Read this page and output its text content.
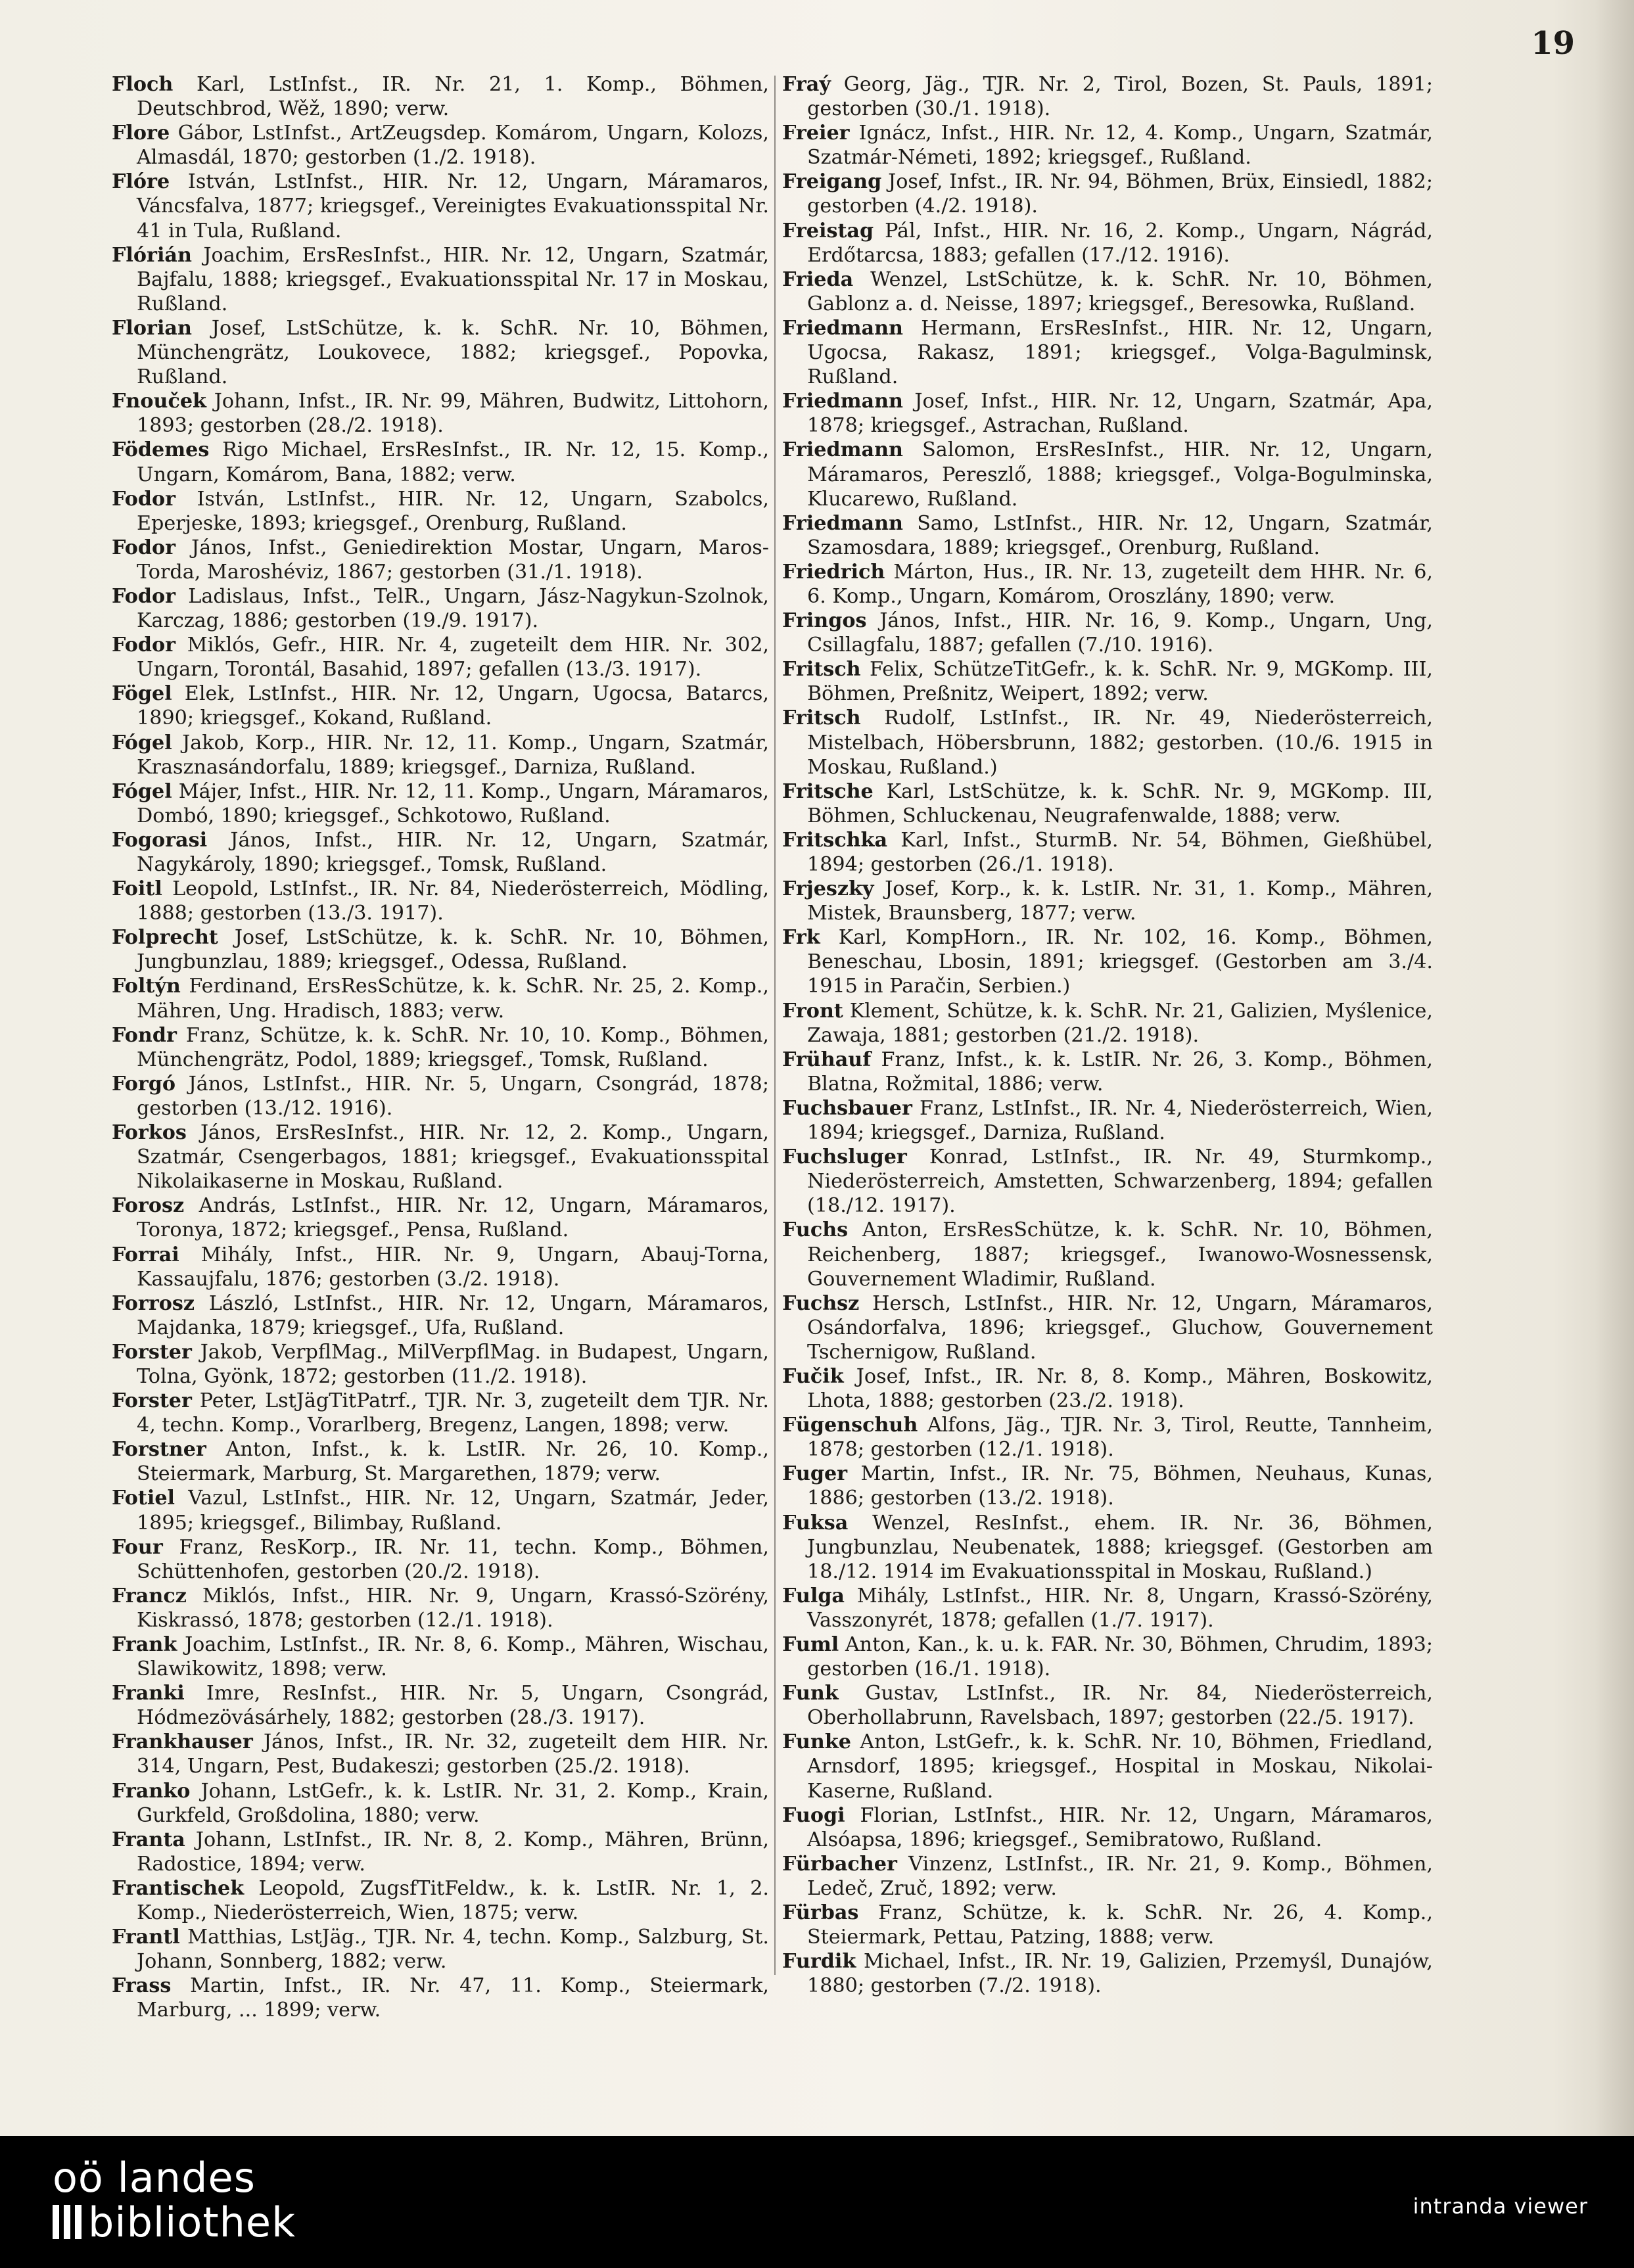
19

Floch Karl, LstInfst., IR. Nr. 21, 1. Komp., Böhmen, Deutschbrod, Wěž, 1890; verw.

Flore Gábor, LstInfst., ArtZeugsdep. Komárom, Ungarn, Kolozs, Almasdál, 1870; gestorben (1./2. 1918).

Flóre István, LstInfst., HIR. Nr. 12, Ungarn, Máramaros, Váncsfalva, 1877; kriegsgef., Vereinigtes Evakuationsspital Nr. 41 in Tula, Rußland.

Flórián Joachim, ErsResInfst., HIR. Nr. 12, Ungarn, Szatmár, Bajfalu, 1888; kriegsgef., Evakuationsspital Nr. 17 in Moskau, Rußland.

Florian Josef, LstSchütze, k. k. SchR. Nr. 10, Böhmen, Münchengrätz, Loukovece, 1882; kriegsgef., Popovka, Rußland.

Fnouček Johann, Infst., IR. Nr. 99, Mähren, Budwitz, Littohorn, 1893; gestorben (28./2. 1918).

Födemes Rigo Michael, ErsResInfst., IR. Nr. 12, 15. Komp., Ungarn, Komárom, Bana, 1882; verw.

Fodor István, LstInfst., HIR. Nr. 12, Ungarn, Szabolcs, Eperjeske, 1893; kriegsgef., Orenburg, Rußland.

Fodor János, Infst., Geniedirektion Mostar, Ungarn, Maros-Torda, Maroshéviz, 1867; gestorben (31./1. 1918).

Fodor Ladislaus, Infst., TelR., Ungarn, Jász-Nagykun-Szolnok, Karczag, 1886; gestorben (19./9. 1917).

Fodor Miklós, Gefr., HIR. Nr. 4, zugeteilt dem HIR. Nr. 302, Ungarn, Torontál, Basahid, 1897; gefallen (13./3. 1917).

Fögel Elek, LstInfst., HIR. Nr. 12, Ungarn, Ugocsa, Batarcs, 1890; kriegsgef., Kokand, Rußland.

Fógel Jakob, Korp., HIR. Nr. 12, 11. Komp., Ungarn, Szatmár, Krasznasándorfalu, 1889; kriegsgef., Darniza, Rußland.

Fógel Májer, Infst., HIR. Nr. 12, 11. Komp., Ungarn, Máramaros, Dombó, 1890; kriegsgef., Schkotowo, Rußland.

Fogorasi János, Infst., HIR. Nr. 12, Ungarn, Szatmár, Nagykároly, 1890; kriegsgef., Tomsk, Rußland.

Foitl Leopold, LstInfst., IR. Nr. 84, Niederösterreich, Mödling, 1888; gestorben (13./3. 1917).

Folprecht Josef, LstSchütze, k. k. SchR. Nr. 10, Böhmen, Jungbunzlau, 1889; kriegsgef., Odessa, Rußland.

Foltýn Ferdinand, ErsResSchütze, k. k. SchR. Nr. 25, 2. Komp., Mähren, Ung. Hradisch, 1883; verw.

Fondr Franz, Schütze, k. k. SchR. Nr. 10, 10. Komp., Böhmen, Münchengrätz, Podol, 1889; kriegsgef., Tomsk, Rußland.

Forgó János, LstInfst., HIR. Nr. 5, Ungarn, Csongrád, 1878; gestorben (13./12. 1916).

Forkos János, ErsResInfst., HIR. Nr. 12, 2. Komp., Ungarn, Szatmár, Csengerbagos, 1881; kriegsgef., Evakuationsspital Nikolaikaserne in Moskau, Rußland.

Forosz András, LstInfst., HIR. Nr. 12, Ungarn, Máramaros, Toronya, 1872; kriegsgef., Pensa, Rußland.

Forrai Mihály, Infst., HIR. Nr. 9, Ungarn, Abauj-Torna, Kassaujfalu, 1876; gestorben (3./2. 1918).

Forrosz László, LstInfst., HIR. Nr. 12, Ungarn, Máramaros, Majdanka, 1879; kriegsgef., Ufa, Rußland.

Forster Jakob, VerpflMag., MilVerpflMag. in Budapest, Ungarn, Tolna, Gyönk, 1872; gestorben (11./2. 1918).

Forster Peter, LstJägTitPatrf., TJR. Nr. 3, zugeteilt dem TJR. Nr. 4, techn. Komp., Vorarlberg, Bregenz, Langen, 1898; verw.

Forstner Anton, Infst., k. k. LstIR. Nr. 26, 10. Komp., Steiermark, Marburg, St. Margarethen, 1879; verw.

Fotiel Vazul, LstInfst., HIR. Nr. 12, Ungarn, Szatmár, Jeder, 1895; kriegsgef., Bilimbay, Rußland.

Four Franz, ResKorp., IR. Nr. 11, techn. Komp., Böhmen, Schüttenhofen, gestorben (20./2. 1918).

Francz Miklós, Infst., HIR. Nr. 9, Ungarn, Krassó-Szörény, Kiskrassó, 1878; gestorben (12./1. 1918).

Frank Joachim, LstInfst., IR. Nr. 8, 6. Komp., Mähren, Wischau, Slawikowitz, 1898; verw.

Franki Imre, ResInfst., HIR. Nr. 5, Ungarn, Csongrád, Hódmezövásárhely, 1882; gestorben (28./3. 1917).

Frankhauser János, Infst., IR. Nr. 32, zugeteilt dem HIR. Nr. 314, Ungarn, Pest, Budakeszi; gestorben (25./2. 1918).

Franko Johann, LstGefr., k. k. LstIR. Nr. 31, 2. Komp., Krain, Gurkfeld, Großdolina, 1880; verw.

Franta Johann, LstInfst., IR. Nr. 8, 2. Komp., Mähren, Brünn, Radostice, 1894; verw.

Frantischek Leopold, ZugsfTitFeldw., k. k. LstIR. Nr. 1, 2. Komp., Niederösterreich, Wien, 1875; verw.

Frantl Matthias, LstJäg., TJR. Nr. 4, techn. Komp., Salzburg, St. Johann, Sonnberg, 1882; verw.

Frass Martin, Infst., IR. Nr. 47, 11. Komp., Steiermark, Marburg, ... 1899; verw.

Fraý Georg, Jäg., TJR. Nr. 2, Tirol, Bozen, St. Pauls, 1891; gestorben (30./1. 1918).

Freier Ignácz, Infst., HIR. Nr. 12, 4. Komp., Ungarn, Szatmár, Szatmár-Németi, 1892; kriegsgef., Rußland.

Freigang Josef, Infst., IR. Nr. 94, Böhmen, Brüx, Einsiedl, 1882; gestorben (4./2. 1918).

Freistag Pál, Infst., HIR. Nr. 16, 2. Komp., Ungarn, Nágrád, Erdőtarcsa, 1883; gefallen (17./12. 1916).

Frieda Wenzel, LstSchütze, k. k. SchR. Nr. 10, Böhmen, Gablonz a. d. Neisse, 1897; kriegsgef., Beresowka, Rußland.

Friedmann Hermann, ErsResInfst., HIR. Nr. 12, Ungarn, Ugocsa, Rakasz, 1891; kriegsgef., Volga-Bagulminsk, Rußland.

Friedmann Josef, Infst., HIR. Nr. 12, Ungarn, Szatmár, Apa, 1878; kriegsgef., Astrachan, Rußland.

Friedmann Salomon, ErsResInfst., HIR. Nr. 12, Ungarn, Máramaros, Pereszlő, 1888; kriegsgef., Volga-Bogulminska, Klucarewo, Rußland.

Friedmann Samo, LstInfst., HIR. Nr. 12, Ungarn, Szatmár, Szamosdara, 1889; kriegsgef., Orenburg, Rußland.

Friedrich Márton, Hus., IR. Nr. 13, zugeteilt dem HHR. Nr. 6, 6. Komp., Ungarn, Komárom, Oroszlány, 1890; verw.

Fringos János, Infst., HIR. Nr. 16, 9. Komp., Ungarn, Ung, Csillagfalu, 1887; gefallen (7./10. 1916).

Fritsch Felix, SchützeTitGefr., k. k. SchR. Nr. 9, MGKomp. III, Böhmen, Preßnitz, Weipert, 1892; verw.

Fritsch Rudolf, LstInfst., IR. Nr. 49, Niederösterreich, Mistelbach, Höbersbrunn, 1882; gestorben. (10./6. 1915 in Moskau, Rußland.)

Fritsche Karl, LstSchütze, k. k. SchR. Nr. 9, MGKomp. III, Böhmen, Schluckenau, Neugrafenwalde, 1888; verw.

Fritschka Karl, Infst., SturmB. Nr. 54, Böhmen, Gießhübel, 1894; gestorben (26./1. 1918).

Frjeszky Josef, Korp., k. k. LstIR. Nr. 31, 1. Komp., Mähren, Mistek, Braunsberg, 1877; verw.

Frk Karl, KompHorn., IR. Nr. 102, 16. Komp., Böhmen, Beneschau, Lbosin, 1891; kriegsgef. (Gestorben am 3./4. 1915 in Paračin, Serbien.)

Front Klement, Schütze, k. k. SchR. Nr. 21, Galizien, Myślenice, Zawaja, 1881; gestorben (21./2. 1918).

Frühauf Franz, Infst., k. k. LstIR. Nr. 26, 3. Komp., Böhmen, Blatna, Rožmital, 1886; verw.

Fuchsbauer Franz, LstInfst., IR. Nr. 4, Niederösterreich, Wien, 1894; kriegsgef., Darniza, Rußland.

Fuchsluger Konrad, LstInfst., IR. Nr. 49, Sturmkomp., Niederösterreich, Amstetten, Schwarzenberg, 1894; gefallen (18./12. 1917).

Fuchs Anton, ErsResSchütze, k. k. SchR. Nr. 10, Böhmen, Reichenberg, 1887; kriegsgef., Iwanowo-Wosnessensk, Gouvernement Wladimir, Rußland.

Fuchsz Hersch, LstInfst., HIR. Nr. 12, Ungarn, Máramaros, Osándorfalva, 1896; kriegsgef., Gluchow, Gouvernement Tschernigow, Rußland.

Fučik Josef, Infst., IR. Nr. 8, 8. Komp., Mähren, Boskowitz, Lhota, 1888; gestorben (23./2. 1918).

Fügenschuh Alfons, Jäg., TJR. Nr. 3, Tirol, Reutte, Tannheim, 1878; gestorben (12./1. 1918).

Fuger Martin, Infst., IR. Nr. 75, Böhmen, Neuhaus, Kunas, 1886; gestorben (13./2. 1918).

Fuksa Wenzel, ResInfst., ehem. IR. Nr. 36, Böhmen, Jungbunzlau, Neubenatek, 1888; kriegsgef. (Gestorben am 18./12. 1914 im Evakuationsspital in Moskau, Rußland.)

Fulga Mihály, LstInfst., HIR. Nr. 8, Ungarn, Krassó-Szörény, Vasszonyrét, 1878; gefallen (1./7. 1917).

Fuml Anton, Kan., k. u. k. FAR. Nr. 30, Böhmen, Chrudim, 1893; gestorben (16./1. 1918).

Funk Gustav, LstInfst., IR. Nr. 84, Niederösterreich, Oberhollabrunn, Ravelsbach, 1897; gestorben (22./5. 1917).

Funke Anton, LstGefr., k. k. SchR. Nr. 10, Böhmen, Friedland, Arnsdorf, 1895; kriegsgef., Hospital in Moskau, Nikolai-Kaserne, Rußland.

Fuogi Florian, LstInfst., HIR. Nr. 12, Ungarn, Máramaros, Alsóapsa, 1896; kriegsgef., Semibratowo, Rußland.

Fürbacher Vinzenz, LstInfst., IR. Nr. 21, 9. Komp., Böhmen, Ledeč, Zruč, 1892; verw.

Fürbas Franz, Schütze, k. k. SchR. Nr. 26, 4. Komp., Steiermark, Pettau, Patzing, 1888; verw.

Furdik Michael, Infst., IR. Nr. 19, Galizien, Przemyśl, Dunajów, 1880; gestorben (7./2. 1918).

oö landes
bibliothek	intranda viewer
